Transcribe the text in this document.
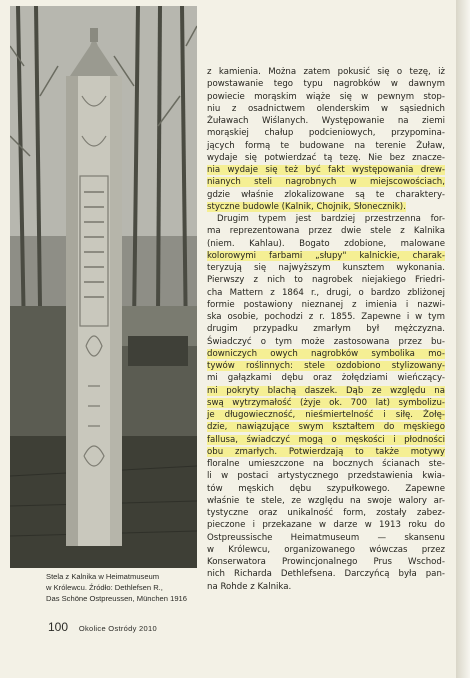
Stela z Kalnika w Heimatmuseum
w Królewcu. Źródło: Dethlefsen R.,
Das Schöne Ostpreussen, München 1916
z kamienia. Można zatem pokusić się o tezę, iż
powstawanie tego typu nagrobków w dawnym
powiecie morąskim wiąże się w pewnym stop-
niu z osadnictwem olenderskim w sąsiednich
Żuławach Wiślanych. Występowanie na ziemi
morąskiej chałup podcieniowych, przypomina-
jących formą te budowane na terenie Żuław,
wydaje się potwierdzać tą tezę. Nie bez znacze-
nia wydaje się też być fakt występowania drew-
nianych steli nagrobnych w miejscowościach,
gdzie właśnie zlokalizowane są te charaktery-
styczne budowle (Kalnik, Chojnik, Słonecznik).
Drugim typem jest bardziej przestrzenna for-
ma reprezentowana przez dwie stele z Kalnika
(niem. Kahlau). Bogato zdobione, malowane
kolorowymi farbami „słupy" kalnickie, charak-
teryzują się najwyższym kunsztem wykonania.
Pierwszy z nich to nagrobek niejakiego Friedri-
cha Mattern z 1864 r., drugi, o bardzo zbliżonej
formie postawiony nieznanej z imienia i nazwi-
ska osobie, pochodzi z r. 1855. Zapewne i w tym
drugim przypadku zmarłym był mężczyzna.
Świadczyć o tym może zastosowana przez bu-
downiczych owych nagrobków symbolika mo-
tywów roślinnych: stele ozdobiono stylizowany-
mi gałązkami dębu oraz żołędziami wieńczący-
mi pokryty blachą daszek. Dąb ze względu na
swą wytrzymałość (żyje ok. 700 lat) symbolizu-
je długowieczność, nieśmiertelność i siłę. Żołę-
dzie, nawiązujące swym kształtem do męskiego
fallusa, świadczyć mogą o męskości i płodności
obu zmarłych. Potwierdzają to także motywy
floralne umieszczone na bocznych ścianach ste-
li w postaci artystycznego przedstawienia kwia-
tów męskich dębu szypułkowego. Zapewne
właśnie te stele, ze względu na swoje walory ar-
tystyczne oraz unikalność form, zostały zabez-
pieczone i przekazane w darze w 1913 roku do
Ostpreussische Heimatmuseum — skansenu
w Królewcu, organizowanego wówczas przez
Konserwatora Prowincjonalnego Prus Wschod-
nich Richarda Dethlefsena. Darczyńcą była pan-
na Rohde z Kalnika.
100 Okolice Ostródy 2010
